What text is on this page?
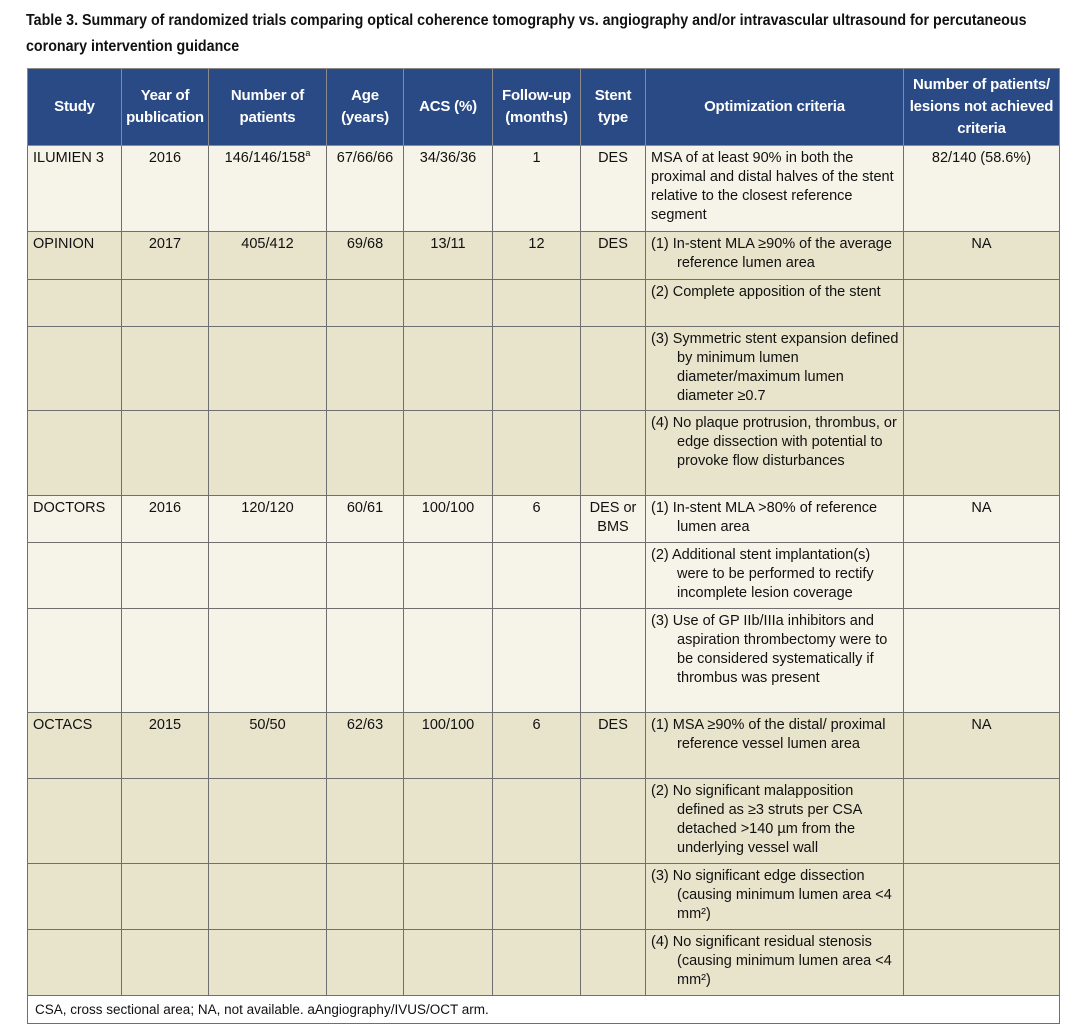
Table 3. Summary of randomized trials comparing optical coherence tomography vs. angiography and/or intravascular ultrasound for percutaneous coronary intervention guidance
Study	Year of publication	Number of patients	Age (years)	ACS (%)	Follow-up (months)	Stent type	Optimization criteria	Number of patients/ lesions not achieved criteria
ILUMIEN 3	2016	146/146/158$^a$	67/66/66	34/36/36	1	DES	MSA of at least 90% in both the proximal and distal halves of the stent relative to the closest reference segment	82/140 (58.6%)
OPINION	2017	405/412	69/68	13/11	12	DES	(1) In-stent MLA ≥90% of the average reference lumen area	NA

							(2) Complete apposition of the stent	

							(3) Symmetric stent expansion defined by minimum lumen diameter/maximum lumen diameter ≥0.7	

							(4) No plaque protrusion, thrombus, or edge dissection with potential to provoke flow disturbances	

DOCTORS	2016	120/120	60/61	100/100	6	DES or BMS	(1) In-stent MLA >80% of reference lumen area	NA

							(2) Additional stent implantation(s) were to be performed to rectify incomplete lesion coverage	

							(3) Use of GP IIb/IIIa inhibitors and aspiration thrombectomy were to be considered systematically if thrombus was present	

OCTACS	2015	50/50	62/63	100/100	6	DES	(1) MSA ≥90% of the distal/ proximal reference vessel lumen area	NA

							(2) No significant malapposition defined as ≥3 struts per CSA detached >140 µm from the underlying vessel wall	

							(3) No significant edge dissection (causing minimum lumen area <4 mm²)	

							(4) No significant residual stenosis (causing minimum lumen area <4 mm²)	

CSA, cross sectional area; NA, not available. aAngiography/IVUS/OCT arm.								
